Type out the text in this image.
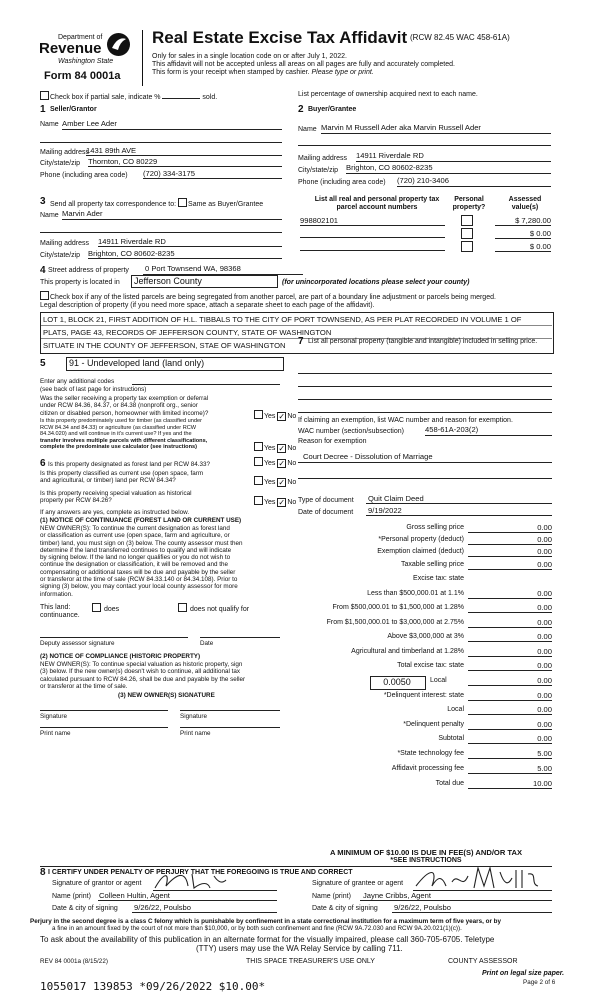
Department of
Revenue
Washington State
Form 84 0001a
Real Estate Excise Tax Affidavit (RCW 82.45 WAC 458-61A)
Only for sales in a single location code on or after July 1, 2022.
This affidavit will not be accepted unless all areas on all pages are fully and accurately completed.
This form is your receipt when stamped by cashier. Please type or print.
Check box if partial sale, indicate %	sold.	List percentage of ownership acquired next to each name.
1 Seller/Grantor
Name Amber Lee Ader
Mailing address
1431 89th AVE
City/state/zip Thornton, CO 80229
Phone (including area code) (720) 334-3175
2 Buyer/Grantee
Name Marvin M Russell Ader aka Marvin Russell Ader
Mailing address 14911 Riverdale RD
City/state/zip Brighton, CO 80602-8235
Phone (including area code) (720) 210-3406
3 Send all property tax correspondence to: Same as Buyer/Grantee
Name Marvin Ader
Mailing address 14911 Riverdale RD
City/state/zip Brighton, CO 80602-8235
List all real and personal property tax
parcel account numbers
Personal
property?
Assessed
value(s)
998802101	$ 7,280.00
$ 0.00
$ 0.00
4 Street address of property 0 Port Townsend WA, 98368
This property is located in Jefferson County	(for unincorporated locations please select your county)
Check box if any of the listed parcels are being segregated from another parcel, are part of a boundary line adjustment or parcels being merged.
Legal description of property (if you need more space, attach a separate sheet to each page of the affidavit).
LOT 1, BLOCK 21, FIRST ADDITION OF H.L. TIBBALS TO THE CITY OF PORT TOWNSEND, AS PER PLAT RECORDED IN VOLUME 1 OF
PLATS, PAGE 43, RECORDS OF JEFFERSON COUNTY, STATE OF WASHINGTON
SITUATE IN THE COUNTY OF JEFFERSON, STAE OF WASHINGTON
5	91 - Undeveloped land (land only)
Enter any additional codes
(see back of last page for instructions)
Was the seller receiving a property tax exemption or deferral
under RCW 84.36, 84.37, or 84.38 (nonprofit org., senior
citizen or disabled person, homeowner with limited income)?	Yes ✓ No
Is this property predominately used for timber (as classified under
RCW 84.34 and 84.33) or agriculture (as classified under RCW
84.34.020) and will continue in it's current use? If yes and the
transfer involves multiple parcels with different classifications,
complete the predominate use calculator (see instructions)	Yes ✓ No
6 Is this property designated as forest land per RCW 84.33?	Yes ✓ No
Is this property classified as current use (open space, farm
and agricultural, or timber) land per RCW 84.34?	Yes ✓ No
Is this property receiving special valuation as historical
property per RCW 84.26?	Yes ✓ No
If any answers are yes, complete as instructed below.
(1) NOTICE OF CONTINUANCE (FOREST LAND OR CURRENT USE)
NEW OWNER(S): To continue the current designation as forest land
or classification as current use (open space, farm and agriculture, or
timber) land, you must sign on (3) below. The county assessor must then
determine if the land transferred continues to qualify and will indicate
by signing below. If the land no longer qualifies or you do not wish to
continue the designation or classification, it will be removed and the
compensating or additional taxes will be due and payable by the seller
or transferor at the time of sale (RCW 84.33.140 or 84.34.108). Prior to
signing (3) below, you may contact your local county assessor for more
information.
This land:	does	does not qualify for
continuance.
Deputy assessor signature	Date
(2) NOTICE OF COMPLIANCE (HISTORIC PROPERTY)
NEW OWNER(S): To continue special valuation as historic property, sign
(3) below. If the new owner(s) doesn't wish to continue, all additional tax
calculated pursuant to RCW 84.26, shall be due and payable by the seller
or transferor at the time of sale.
(3) NEW OWNER(S) SIGNATURE
Signature	Signature
Print name	Print name
7 List all personal property (tangible and intangible) included in selling price.
If claiming an exemption, list WAC number and reason for exemption.
WAC number (section/subsection)	458-61A-203(2)
Reason for exemption
Court Decree - Dissolution of Marriage
Type of document Quit Claim Deed
Date of document 9/19/2022
Gross selling price	0.00
*Personal property (deduct)	0.00
Exemption claimed (deduct)	0.00
Taxable selling price	0.00
Excise tax: state
Less than $500,000.01 at 1.1%	0.00
From $500,000.01 to $1,500,000 at 1.28%	0.00
From $1,500,000.01 to $3,000,000 at 2.75%	0.00
Above $3,000,000 at 3%	0.00
Agricultural and timberland at 1.28%	0.00
Total excise tax: state	0.00
Local	0.00
*Delinquent interest: state	0.00
Local	0.00
*Delinquent penalty	0.00
Subtotal	0.00
*State technology fee	5.00
Affidavit processing fee	5.00
Total due	10.00
0.0050
A MINIMUM OF $10.00 IS DUE IN FEE(S) AND/OR TAX
*SEE INSTRUCTIONS
8 I CERTIFY UNDER PENALTY OF PERJURY THAT THE FOREGOING IS TRUE AND CORRECT
Signature of grantor or agent
Name (print) Colleen Hultin, Agent
Date & city of signing 9/26/22, Poulsbo
Signature of grantee or agent
Name (print) Jayne Cribbs, Agent
Date & city of signing 9/26/22, Poulsbo
Perjury in the second degree is a class C felony which is punishable by confinement in a state correctional institution for a maximum term of five years, or by
a fine in an amount fixed by the court of not more than $10,000, or by both such confinement and fine (RCW 9A.72.030 and RCW 9A.20.021(1)(c)).
To ask about the availability of this publication in an alternate format for the visually impaired, please call 360-705-6705. Teletype
(TTY) users may use the WA Relay Service by calling 711.
REV 84 0001a (8/15/22)	THIS SPACE TREASURER'S USE ONLY	COUNTY ASSESSOR
Print on legal size paper.
Page 2 of 6
1055017 139853 *09/26/2022 $10.00*
